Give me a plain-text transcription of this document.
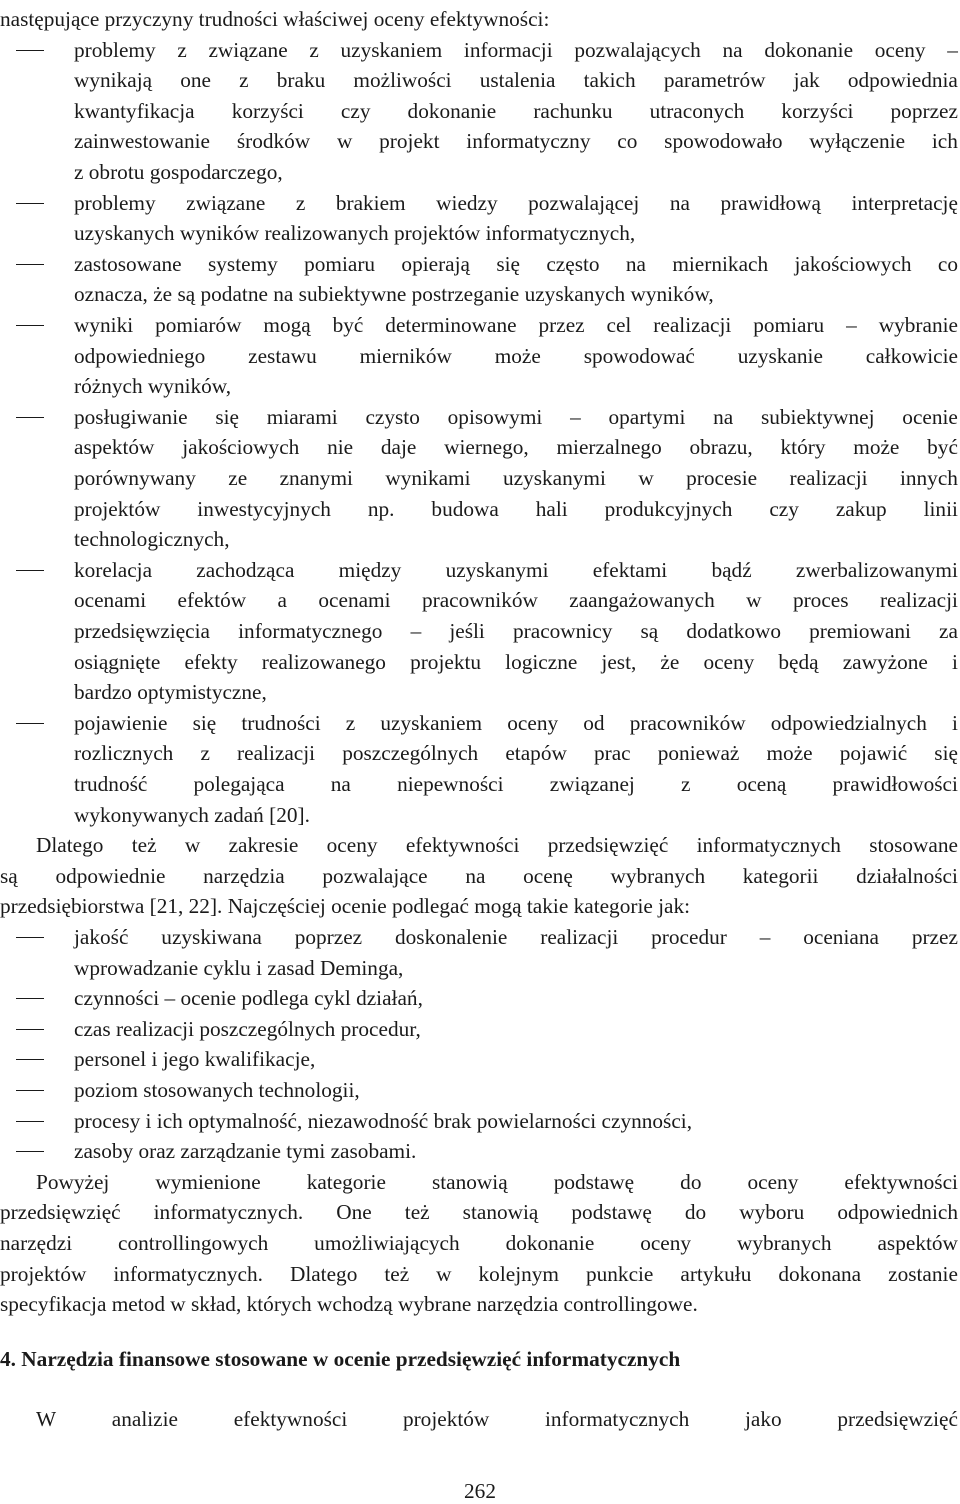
następujące przyczyny trudności właściwej oceny efektywności:
problemy z związane z uzyskaniem informacji pozwalających na dokonanie oceny –
wynikają one z braku możliwości ustalenia takich parametrów jak odpowiednia
kwantyfikacja korzyści czy dokonanie rachunku utraconych korzyści poprzez
zainwestowanie środków w projekt informatyczny co spowodowało wyłączenie ich
z obrotu gospodarczego,
problemy związane z brakiem wiedzy pozwalającej na prawidłową interpretację
uzyskanych wyników realizowanych projektów informatycznych,
zastosowane systemy pomiaru opierają się często na miernikach jakościowych co
oznacza, że są podatne na subiektywne postrzeganie uzyskanych wyników,
wyniki pomiarów mogą być determinowane przez cel realizacji pomiaru – wybranie
odpowiedniego zestawu mierników może spowodować uzyskanie całkowicie
różnych wyników,
posługiwanie się miarami czysto opisowymi – opartymi na subiektywnej ocenie
aspektów jakościowych nie daje wiernego, mierzalnego obrazu, który może być
porównywany ze znanymi wynikami uzyskanymi w procesie realizacji innych
projektów inwestycyjnych np. budowa hali produkcyjnych czy zakup linii
technologicznych,
korelacja zachodząca między uzyskanymi efektami bądź zwerbalizowanymi
ocenami efektów a ocenami pracowników zaangażowanych w proces realizacji
przedsięwzięcia informatycznego – jeśli pracownicy są dodatkowo premiowani za
osiągnięte efekty realizowanego projektu logiczne jest, że oceny będą zawyżone i
bardzo optymistyczne,
pojawienie się trudności z uzyskaniem oceny od pracowników odpowiedzialnych i
rozlicznych z realizacji poszczególnych etapów prac ponieważ może pojawić się
trudność polegająca na niepewności związanej z oceną prawidłowości
wykonywanych zadań [20].
Dlatego też w zakresie oceny efektywności przedsięwzięć informatycznych stosowane
są odpowiednie narzędzia pozwalające na ocenę wybranych kategorii działalności
przedsiębiorstwa [21, 22]. Najczęściej ocenie podlegać mogą takie kategorie jak:
jakość uzyskiwana poprzez doskonalenie realizacji procedur – oceniana przez
wprowadzanie cyklu i zasad Deminga,
czynności – ocenie podlega cykl działań,
czas realizacji poszczególnych procedur,
personel i jego kwalifikacje,
poziom stosowanych technologii,
procesy i ich optymalność, niezawodność brak powielarności czynności,
zasoby oraz zarządzanie tymi zasobami.
Powyżej wymienione kategorie stanowią podstawę do oceny efektywności
przedsięwzięć informatycznych. One też stanowią podstawę do wyboru odpowiednich
narzędzi controllingowych umożliwiających dokonanie oceny wybranych aspektów
projektów informatycznych. Dlatego też w kolejnym punkcie artykułu dokonana zostanie
specyfikacja metod w skład, których wchodzą wybrane narzędzia controllingowe.
W	analizie	efektywności	projektów	informatycznych	jako	przedsięwzięć
4. Narzędzia finansowe stosowane w ocenie przedsięwzięć informatycznych
262
